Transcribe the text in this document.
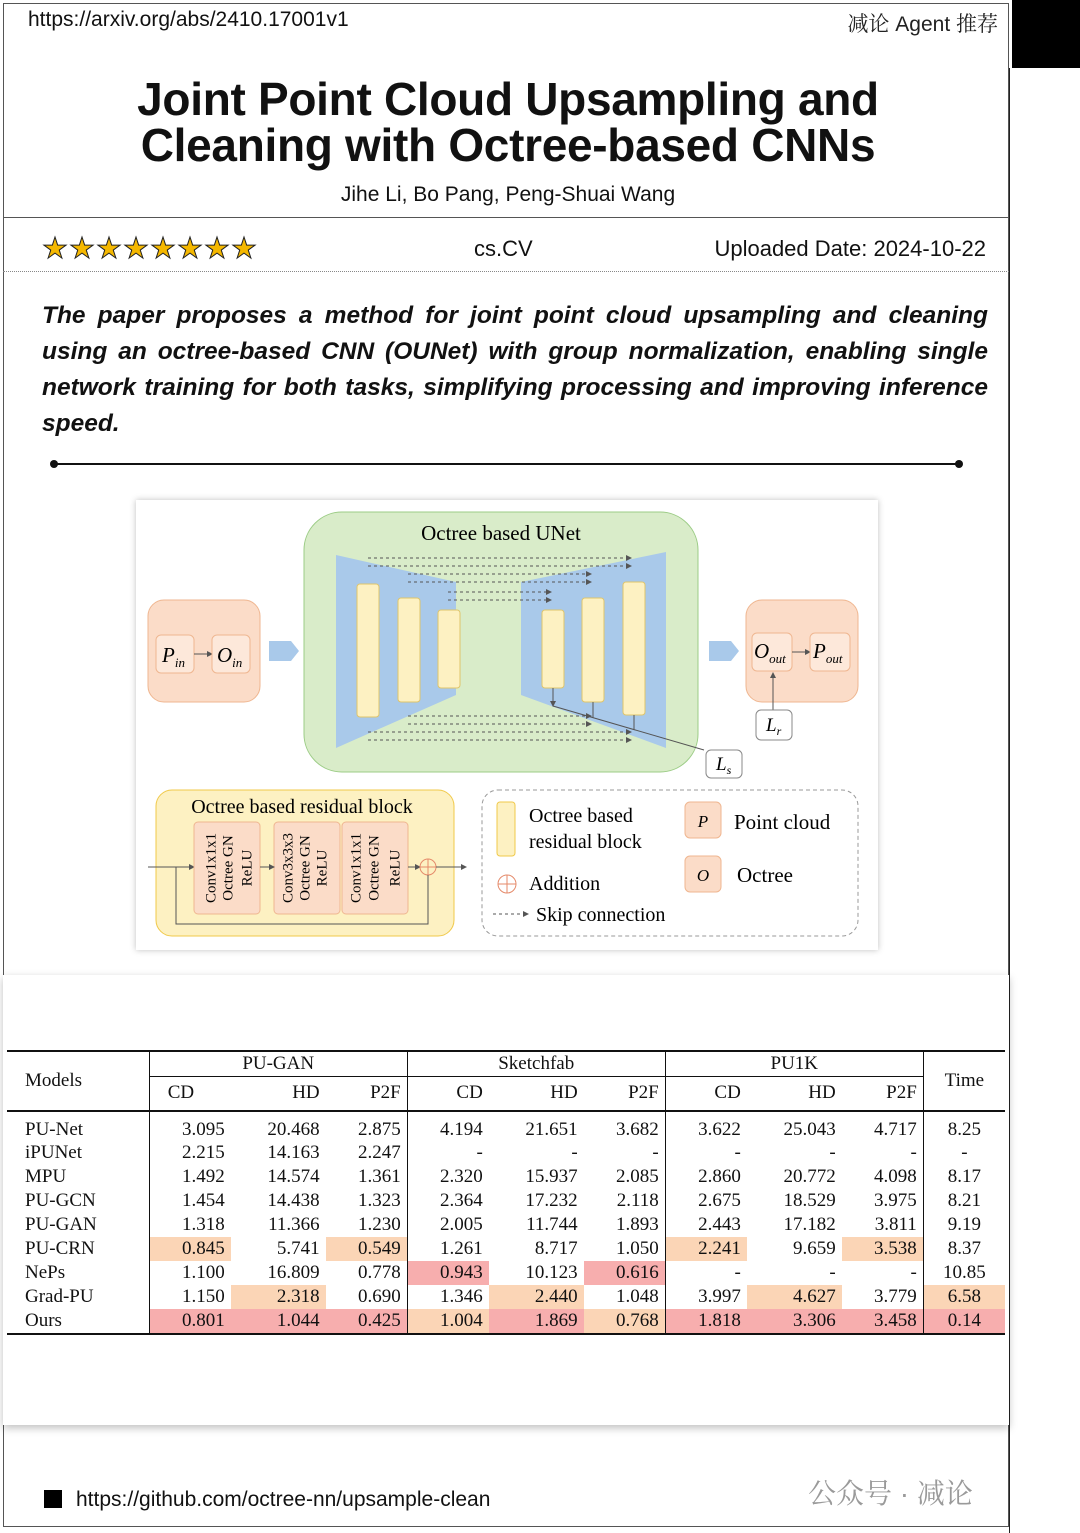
https://arxiv.org/abs/2410.17001v1	减论 Agent 推荐
Joint Point Cloud Upsampling and
Cleaning with Octree-based CNNs
Jihe Li, Bo Pang, Peng-Shuai Wang
★★★★★★★★	cs.CV	Uploaded Date: 2024-10-22
The paper proposes a method for joint point cloud upsampling and cleaning using an octree-based CNN (OUNet) with group normalization, enabling single network training for both tasks, simplifying processing and improving inference speed.
Octree based UNet
$L_s$
$P_{in}$ $O_{in}$	$O_{out}$ $P_{out}$
$L_r$
Octree based residual block
Conv1x1x1 Octree GN ReLU Conv3x3x3 Octree GN ReLU Conv1x1x1 Octree GN ReLU
Octree based
residual block
Addition
Skip connection
P Point cloud
O Octree
Models	PU-GAN			Sketchfab			PU1K			Time
	CD	HD	P2F	CD	HD	P2F	CD	HD	P2F	
PU-Net	3.095	20.468	2.875	4.194	21.651	3.682	3.622	25.043	4.717	8.25
iPUNet	2.215	14.163	2.247	-	-	-	-	-	-	-
MPU	1.492	14.574	1.361	2.320	15.937	2.085	2.860	20.772	4.098	8.17
PU-GCN	1.454	14.438	1.323	2.364	17.232	2.118	2.675	18.529	3.975	8.21
PU-GAN	1.318	11.366	1.230	2.005	11.744	1.893	2.443	17.182	3.811	9.19
PU-CRN	0.845	5.741	0.549	1.261	8.717	1.050	2.241	9.659	3.538	8.37
NePs	1.100	16.809	0.778	0.943	10.123	0.616	-	-	-	10.85
Grad-PU	1.150	2.318	0.690	1.346	2.440	1.048	3.997	4.627	3.779	6.58
Ours	0.801	1.044	0.425	1.004	1.869	0.768	1.818	3.306	3.458	0.14
https://github.com/octree-nn/upsample-clean	公众号 · 减论
